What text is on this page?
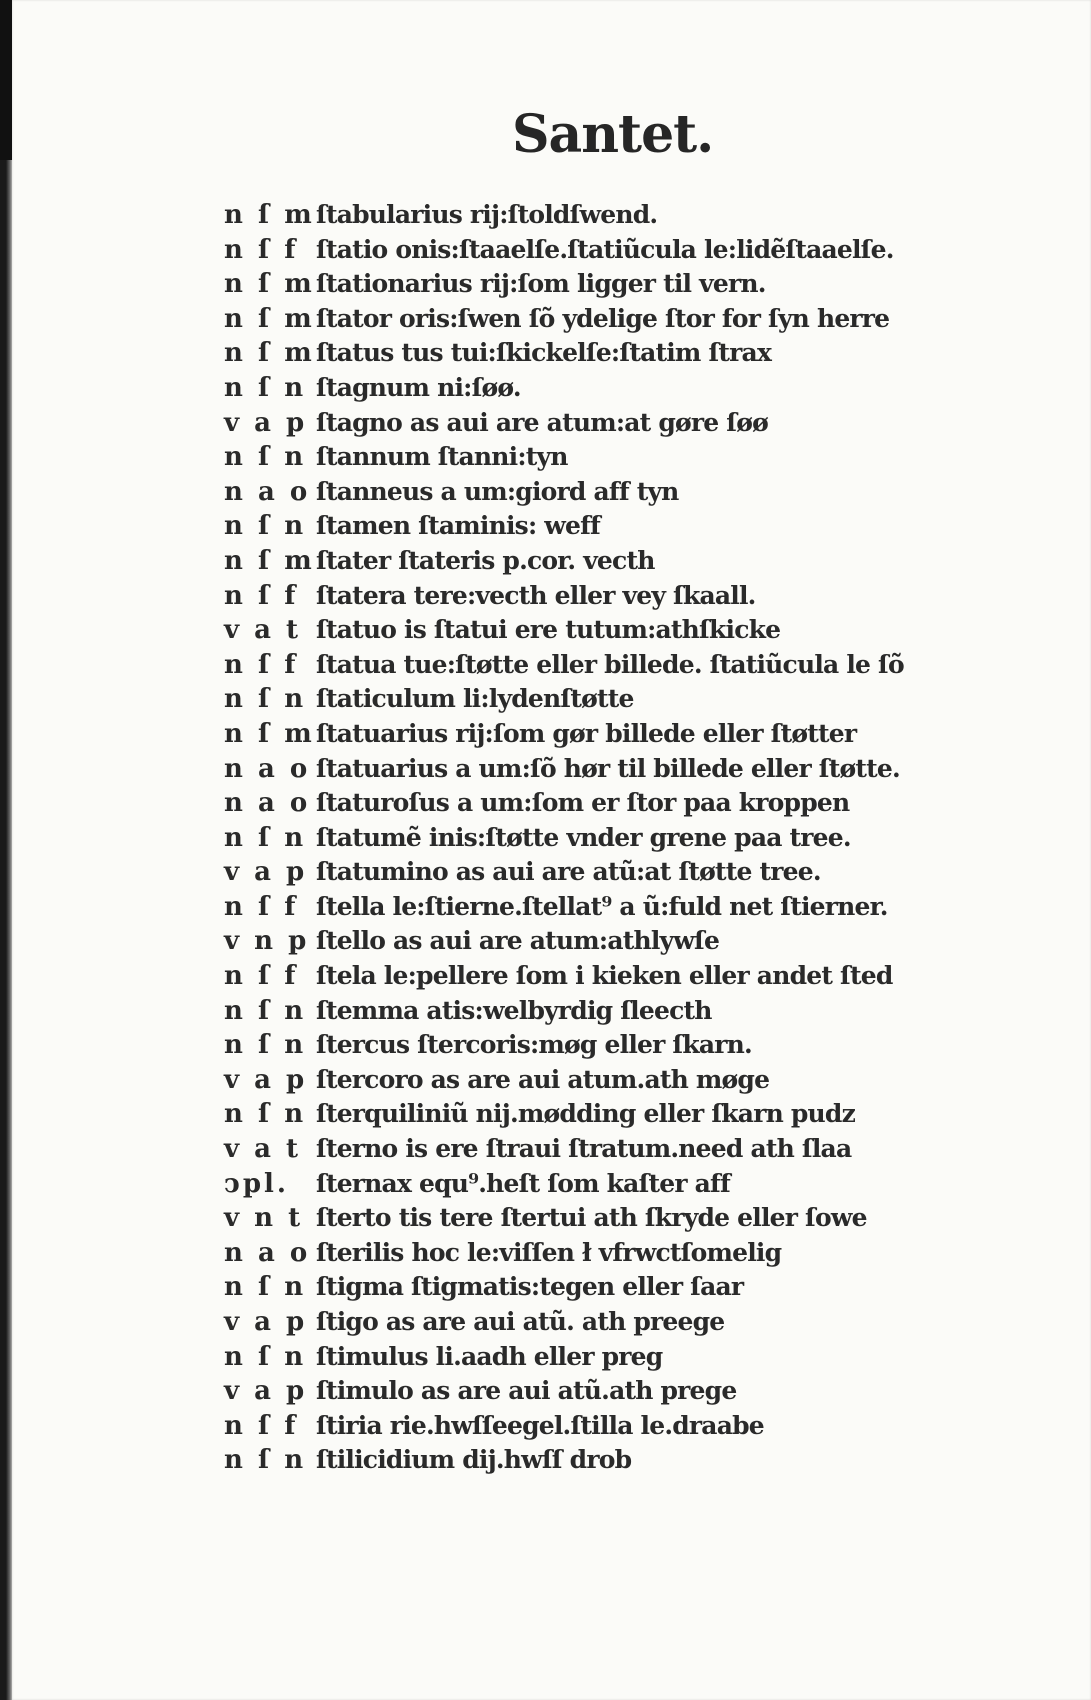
Santet.
n ſ m ſtabularius rij:ſtoldſwend.
n ſ f ſtatio onis:ſtaaelſe.ſtatiũcula le:lidẽſtaaelſe.
n ſ m ſtationarius rij:ſom ligger til vern.
n ſ m ſtator oris:ſwen ſõ ydelige ſtor for ſyn herre
n ſ m ſtatus tus tui:ſkickelſe:ſtatim ſtrax
n ſ n ſtagnum ni:ſøø.
v a p ſtagno as aui are atum:at gøre ſøø
n ſ n ſtannum ſtanni:tyn
n a o ſtanneus a um:giord aff tyn
n ſ n ſtamen ſtaminis: weff
n ſ m ſtater ſtateris p.cor. vecth
n ſ f ſtatera tere:vecth eller vey ſkaall.
v a t ſtatuo is ſtatui ere tutum:athſkicke
n ſ f ſtatua tue:ſtøtte eller billede. ſtatiũcula le ſõ
n ſ n ſtaticulum li:lydenſtøtte
n ſ m ſtatuarius rij:ſom gør billede eller ſtøtter
n a o ſtatuarius a um:ſõ hør til billede eller ſtøtte.
n a o ſtaturoſus a um:ſom er ſtor paa kroppen
n ſ n ſtatumẽ inis:ſtøtte vnder grene paa tree.
v a p ſtatumino as aui are atũ:at ſtøtte tree.
n ſ f ſtella le:ſtierne.ſtellat⁹ a ũ:fuld net ſtierner.
v n p ſtello as aui are atum:athlywſe
n ſ f ſtela le:pellere ſom i kieken eller andet ſted
n ſ n ſtemma atis:welbyrdig ſleecth
n ſ n ſtercus ſtercoris:møg eller ſkarn.
v a p ſtercoro as are aui atum.ath møge
n ſ n ſterquiliniũ nij.mødding eller ſkarn pudz
v a t ſterno is ere ſtraui ſtratum.need ath ſlaa
ↄpl.	ſternax equ⁹.heſt ſom kaſter aff
v n t ſterto tis tere ſtertui ath ſkryde eller ſowe
n a o ſterilis hoc le:viſſen ł vfrwctſomelig
n ſ n ſtigma ſtigmatis:tegen eller ſaar
v a p ſtigo as are aui atũ. ath preege
n ſ n ſtimulus li.aadh eller preg
v a p ſtimulo as are aui atũ.ath prege
n ſ f ſtiria rie.hwſſeegel.ſtilla le.draabe
n ſ n ſtilicidium dij.hwſſ drob
